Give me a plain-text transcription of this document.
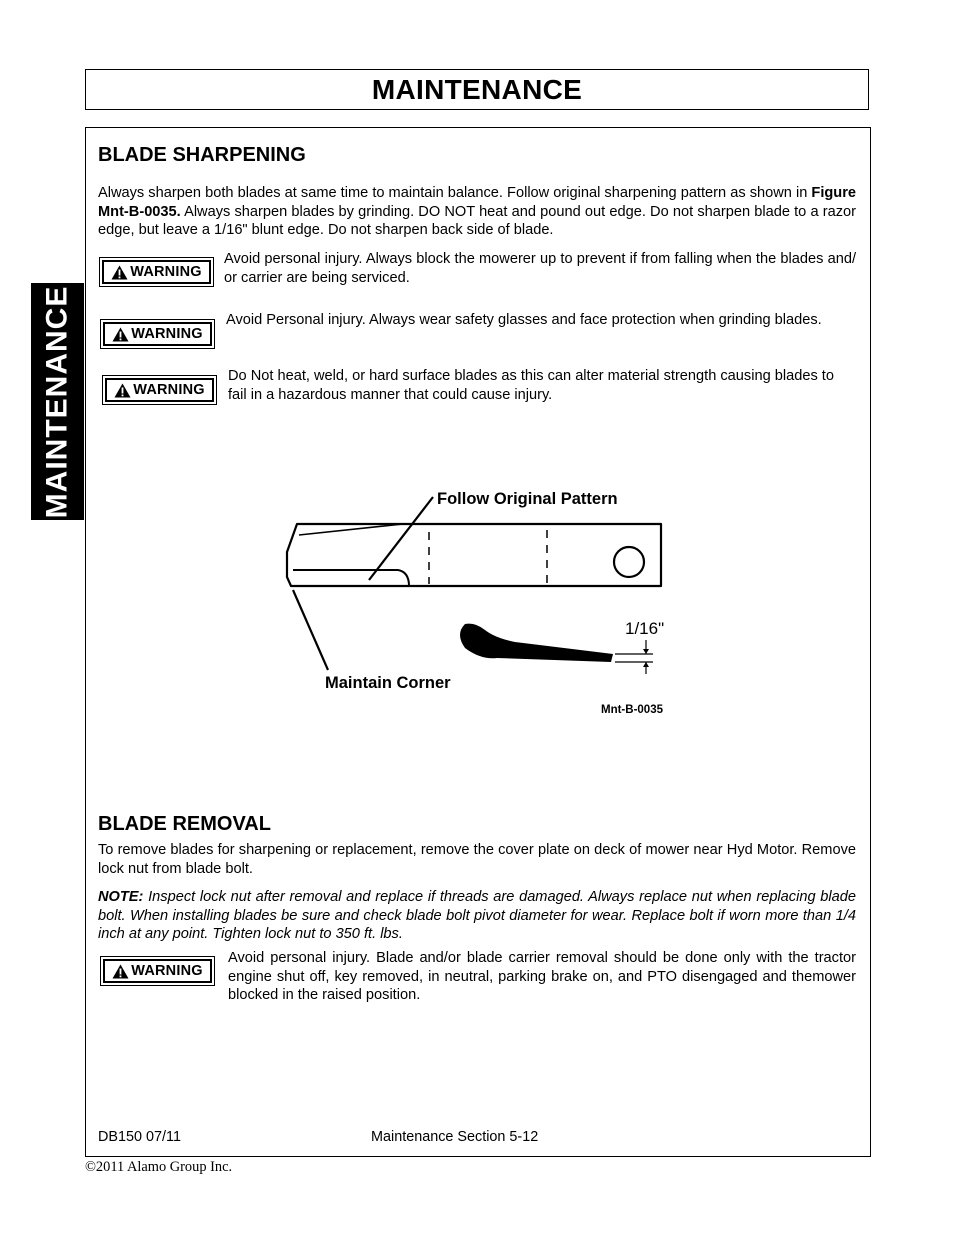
MAINTENANCE
MAINTENANCE
BLADE SHARPENING

Always sharpen both blades at same time to maintain balance. Follow original sharpening pattern as shown in Figure Mnt-B-0035. Always sharpen blades by grinding. DO NOT heat and pound out edge. Do not sharpen blade to a razor edge, but leave a 1/16" blunt edge. Do not sharpen back side of blade.

WARNING

Avoid personal injury. Always block the mowerer up to prevent if from falling when the blades and/ or carrier are being serviced.

WARNING

Avoid Personal injury. Always wear safety glasses and face protection when grinding blades.

WARNING

Do Not heat, weld, or hard surface blades as this can alter material strength causing blades to fail in a hazardous manner that could cause injury.

Follow Original Pattern
Maintain Corner
1/16"
Mnt-B-0035
BLADE REMOVAL

To remove blades for sharpening or replacement, remove the cover plate on deck of mower near Hyd Motor. Remove lock nut from blade bolt.

NOTE: Inspect lock nut after removal and replace if threads are damaged. Always replace nut when replacing blade bolt. When installing blades be sure and check blade bolt pivot diameter for wear. Replace bolt if worn more than 1/4 inch at any point. Tighten lock nut to 350 ft. lbs.

WARNING

Avoid personal injury. Blade and/or blade carrier removal should be done only with the tractor engine shut off, key removed, in neutral, parking brake on, and PTO disengaged and themower blocked in the raised position.

DB150 07/11	Maintenance Section 5-12
©2011 Alamo Group Inc.
